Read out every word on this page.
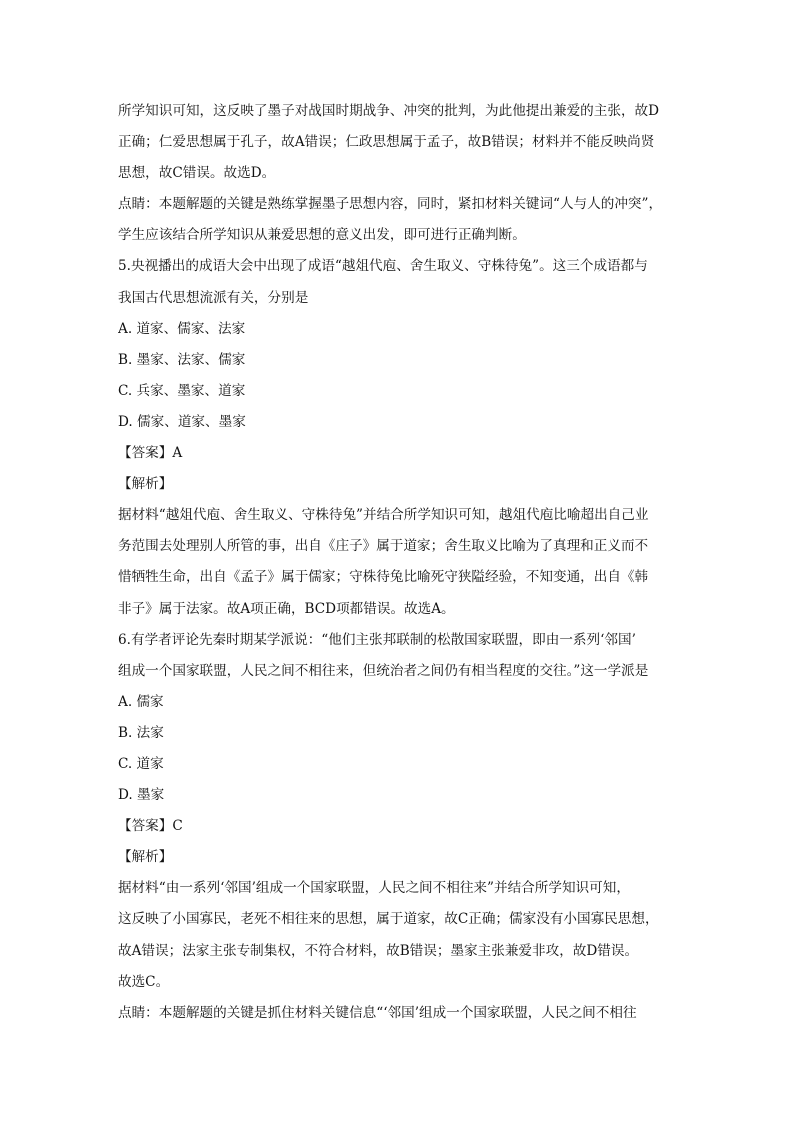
所学知识可知，这反映了墨子对战国时期战争、冲突的批判，为此他提出兼爱的主张，故D
正确；仁爱思想属于孔子，故A错误；仁政思想属于孟子，故B错误；材料并不能反映尚贤
思想，故C错误。故选D。
点睛：本题解题的关键是熟练掌握墨子思想内容，同时，紧扣材料关键词“人与人的冲突”，
学生应该结合所学知识从兼爱思想的意义出发，即可进行正确判断。
5.央视播出的成语大会中出现了成语“越俎代庖、舍生取义、守株待兔”。这三个成语都与
我国古代思想流派有关，分别是
A. 道家、儒家、法家
B. 墨家、法家、儒家
C. 兵家、墨家、道家
D. 儒家、道家、墨家
【答案】A
【解析】
据材料“越俎代庖、舍生取义、守株待兔”并结合所学知识可知，越俎代庖比喻超出自己业
务范围去处理别人所管的事，出自《庄子》属于道家；舍生取义比喻为了真理和正义而不
惜牺牲生命，出自《孟子》属于儒家；守株待兔比喻死守狭隘经验，不知变通，出自《韩
非子》属于法家。故A项正确，BCD项都错误。故选A。
6.有学者评论先秦时期某学派说：“他们主张邦联制的松散国家联盟，即由一系列‘邻国’
组成一个国家联盟，人民之间不相往来，但统治者之间仍有相当程度的交往。”这一学派是
A. 儒家
B. 法家
C. 道家
D. 墨家
【答案】C
【解析】
据材料“由一系列‘邻国’组成一个国家联盟，人民之间不相往来”并结合所学知识可知，
这反映了小国寡民，老死不相往来的思想，属于道家，故C正确；儒家没有小国寡民思想，
故A错误；法家主张专制集权，不符合材料，故B错误；墨家主张兼爱非攻，故D错误。
故选C。
点睛：本题解题的关键是抓住材料关键信息“‘邻国’组成一个国家联盟，人民之间不相往
